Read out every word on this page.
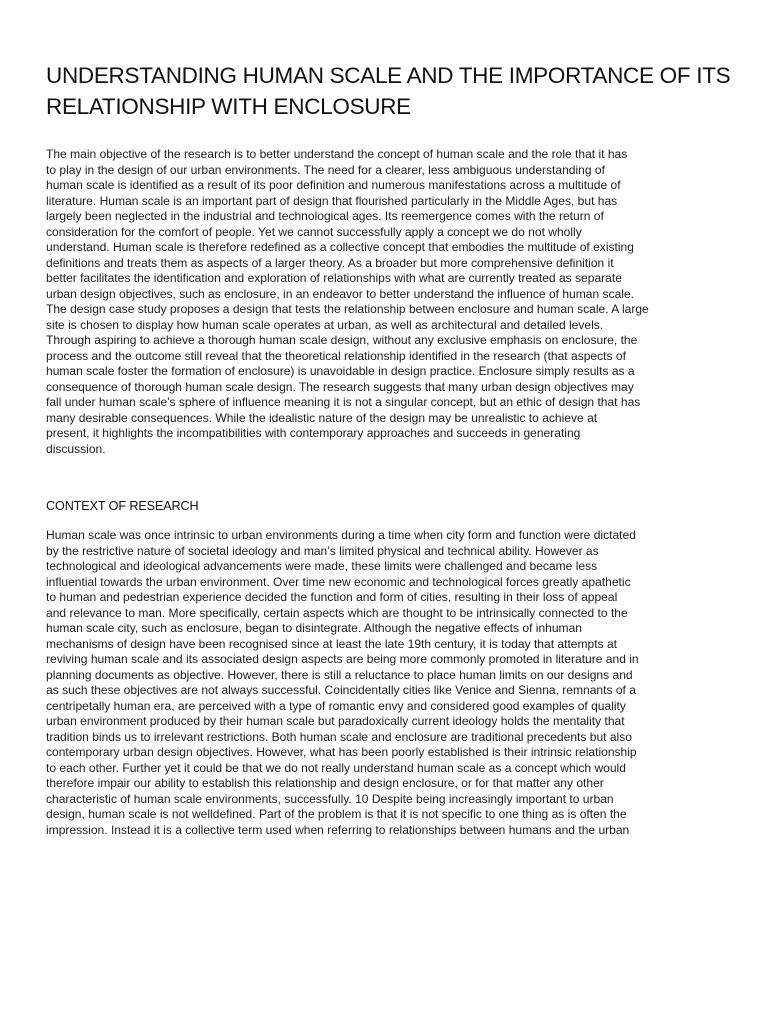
UNDERSTANDING HUMAN SCALE AND THE IMPORTANCE OF ITS
RELATIONSHIP WITH ENCLOSURE

The main objective of the research is to better understand the concept of human scale and the role that it has
to play in the design of our urban environments. The need for a clearer, less ambiguous understanding of
human scale is identified as a result of its poor definition and numerous manifestations across a multitude of
literature. Human scale is an important part of design that flourished particularly in the Middle Ages, but has
largely been neglected in the industrial and technological ages. Its reemergence comes with the return of
consideration for the comfort of people. Yet we cannot successfully apply a concept we do not wholly
understand. Human scale is therefore redefined as a collective concept that embodies the multitude of existing
definitions and treats them as aspects of a larger theory. As a broader but more comprehensive definition it
better facilitates the identification and exploration of relationships with what are currently treated as separate
urban design objectives, such as enclosure, in an endeavor to better understand the influence of human scale.
The design case study proposes a design that tests the relationship between enclosure and human scale. A large
site is chosen to display how human scale operates at urban, as well as architectural and detailed levels.
Through aspiring to achieve a thorough human scale design, without any exclusive emphasis on enclosure, the
process and the outcome still reveal that the theoretical relationship identified in the research (that aspects of
human scale foster the formation of enclosure) is unavoidable in design practice. Enclosure simply results as a
consequence of thorough human scale design. The research suggests that many urban design objectives may
fall under human scale's sphere of influence meaning it is not a singular concept, but an ethic of design that has
many desirable consequences. While the idealistic nature of the design may be unrealistic to achieve at
present, it highlights the incompatibilities with contemporary approaches and succeeds in generating
discussion.

CONTEXT OF RESEARCH

Human scale was once intrinsic to urban environments during a time when city form and function were dictated
by the restrictive nature of societal ideology and man’s limited physical and technical ability. However as
technological and ideological advancements were made, these limits were challenged and became less
influential towards the urban environment. Over time new economic and technological forces greatly apathetic
to human and pedestrian experience decided the function and form of cities, resulting in their loss of appeal
and relevance to man. More specifically, certain aspects which are thought to be intrinsically connected to the
human scale city, such as enclosure, began to disintegrate. Although the negative effects of inhuman
mechanisms of design have been recognised since at least the late 19th century, it is today that attempts at
reviving human scale and its associated design aspects are being more commonly promoted in literature and in
planning documents as objective. However, there is still a reluctance to place human limits on our designs and
as such these objectives are not always successful. Coincidentally cities like Venice and Sienna, remnants of a
centripetally human era, are perceived with a type of romantic envy and considered good examples of quality
urban environment produced by their human scale but paradoxically current ideology holds the mentality that
tradition binds us to irrelevant restrictions. Both human scale and enclosure are traditional precedents but also
contemporary urban design objectives. However, what has been poorly established is their intrinsic relationship
to each other. Further yet it could be that we do not really understand human scale as a concept which would
therefore impair our ability to establish this relationship and design enclosure, or for that matter any other
characteristic of human scale environments, successfully. 10 Despite being increasingly important to urban
design, human scale is not welldefined. Part of the problem is that it is not specific to one thing as is often the
impression. Instead it is a collective term used when referring to relationships between humans and the urban
